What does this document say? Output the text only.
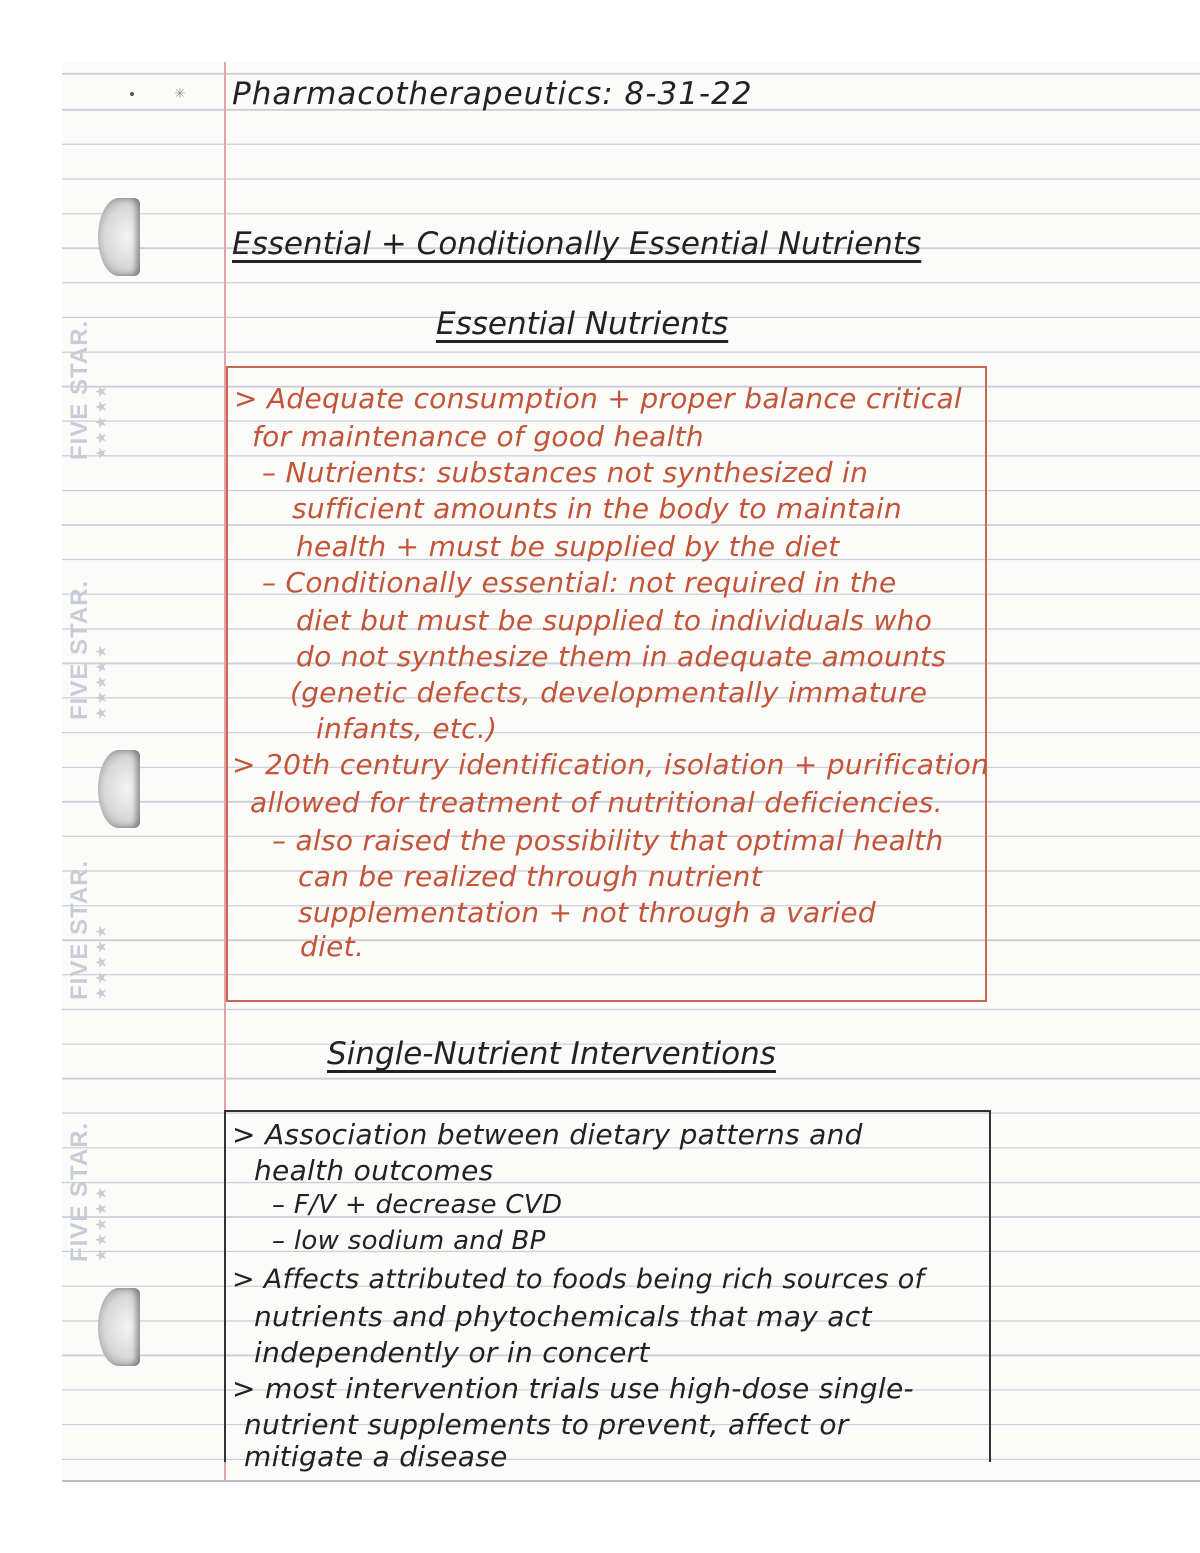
✳
FIVE STAR. ★★★★★
FIVE STAR. ★★★★★
FIVE STAR. ★★★★★
FIVE STAR. ★★★★★
Pharmacotherapeutics: 8-31-22
Essential + Conditionally Essential Nutrients
Essential Nutrients
> Adequate consumption + proper balance critical
for maintenance of good health
– Nutrients: substances not synthesized in
sufficient amounts in the body to maintain
health + must be supplied by the diet
– Conditionally essential: not required in the
diet but must be supplied to individuals who
do not synthesize them in adequate amounts
(genetic defects, developmentally immature
infants, etc.)
> 20th century identification, isolation + purification
allowed for treatment of nutritional deficiencies.
– also raised the possibility that optimal health
can be realized through nutrient
supplementation + not through a varied
diet.
Single-Nutrient Interventions
> Association between dietary patterns and
health outcomes
– F/V + decrease CVD
– low sodium and BP
> Affects attributed to foods being rich sources of
nutrients and phytochemicals that may act
independently or in concert
> most intervention trials use high-dose single-
nutrient supplements to prevent, affect or
mitigate a disease
